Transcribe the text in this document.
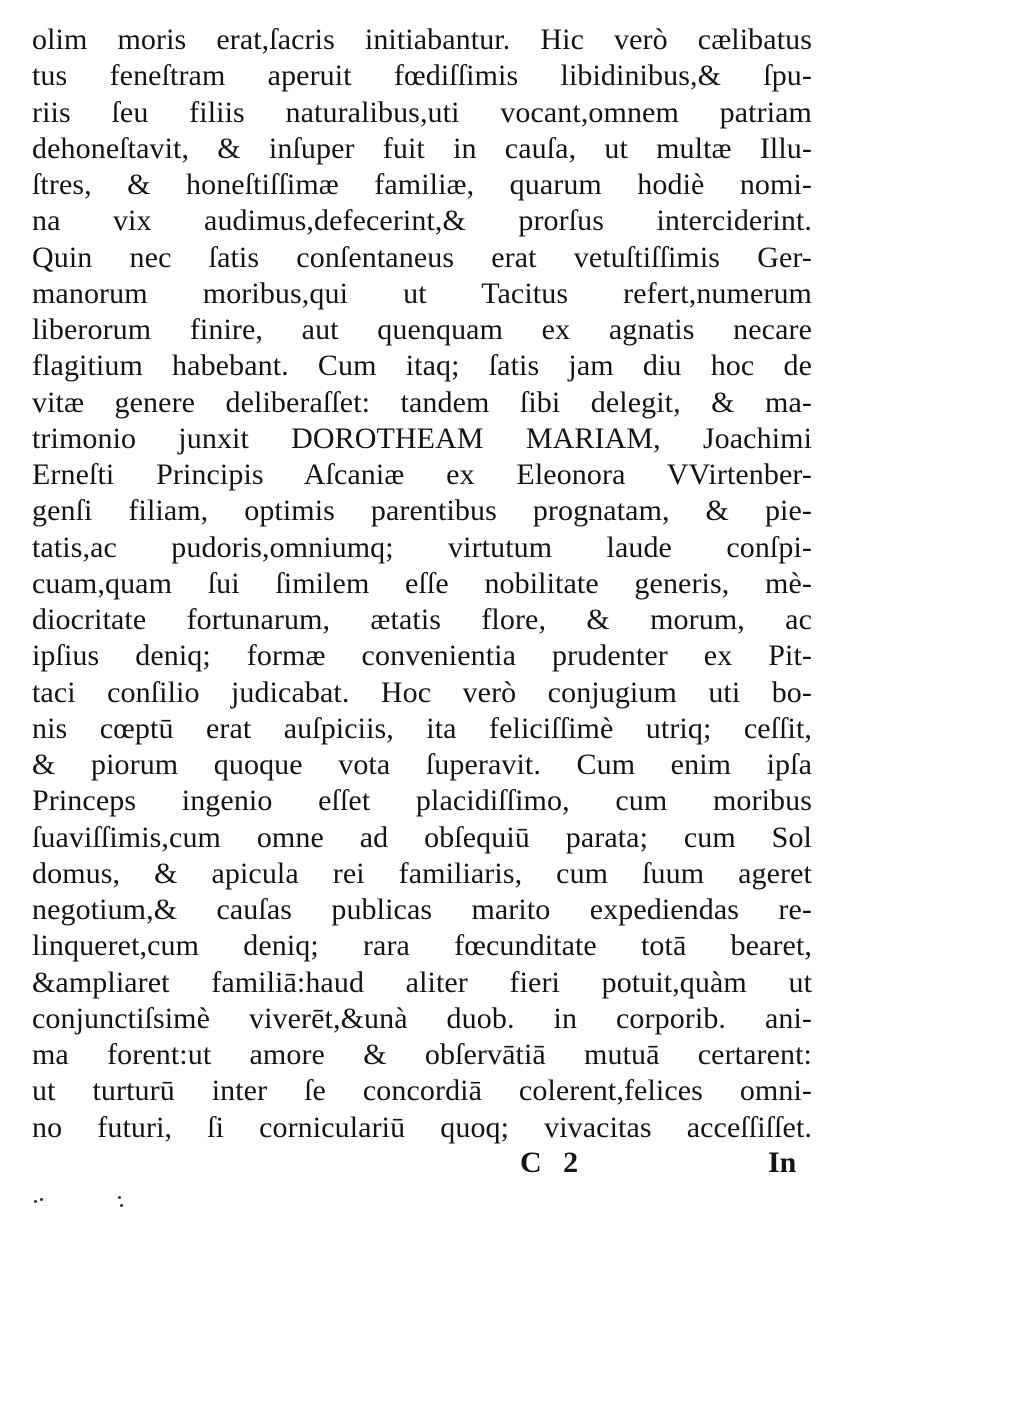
olim moris erat,ſacris initiabantur. Hic verò cælibatus
tus feneſtram aperuit fœdiſſimis libidinibus,& ſpu-
riis ſeu filiis naturalibus,uti vocant,omnem patriam
dehoneſtavit, & inſuper fuit in cauſa, ut multæ Illu-
ſtres, & honeſtiſſimæ familiæ, quarum hodiè nomi-
na vix audimus,defecerint,& prorſus interciderint.
Quin nec ſatis conſentaneus erat vetuſtiſſimis Ger-
manorum moribus,qui ut Tacitus refert,numerum
liberorum finire, aut quenquam ex agnatis necare
flagitium habebant. Cum itaq; ſatis jam diu hoc de
vitæ genere deliberaſſet: tandem ſibi delegit, & ma-
trimonio junxit DOROTHEAM MARIAM, Joachimi
Erneſti Principis Aſcaniæ ex Eleonora VVirtenber-
genſi filiam, optimis parentibus prognatam, & pie-
tatis,ac pudoris,omniumq; virtutum laude conſpi-
cuam,quam ſui ſimilem eſſe nobilitate generis, mè-
diocritate fortunarum, ætatis flore, & morum, ac
ipſius deniq; formæ convenientia prudenter ex Pit-
taci conſilio judicabat. Hoc verò conjugium uti bo-
nis cœptū erat auſpiciis, ita feliciſſimè utriq; ceſſit,
& piorum quoque vota ſuperavit. Cum enim ipſa
Princeps ingenio eſſet placidiſſimo, cum moribus
ſuaviſſimis,cum omne ad obſequiū parata; cum Sol
domus, & apicula rei familiaris, cum ſuum ageret
negotium,& cauſas publicas marito expediendas re-
linqueret,cum deniq; rara fœcunditate totā bearet,
&ampliaret familiā:haud aliter fieri potuit,quàm ut
conjunctiſsimè viverēt,&unà duob. in corporib. ani-
ma forent:ut amore & obſervātiā mutuā certarent:
ut turturū inter ſe concordiā colerent,felices omni-
no futuri, ſi corniculariū quoq; vivacitas acceſſiſſet.
C 2	In
